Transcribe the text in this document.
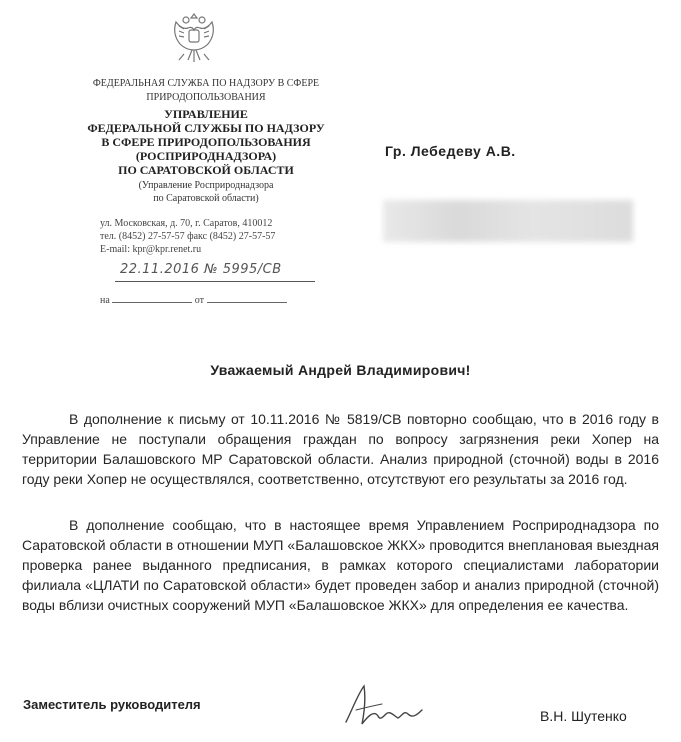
ФЕДЕРАЛЬНАЯ СЛУЖБА ПО НАДЗОРУ В СФЕРЕ
ПРИРОДОПОЛЬЗОВАНИЯ
УПРАВЛЕНИЕ
ФЕДЕРАЛЬНОЙ СЛУЖБЫ ПО НАДЗОРУ
В СФЕРЕ ПРИРОДОПОЛЬЗОВАНИЯ
(РОСПРИРОДНАДЗОРА)
ПО САРАТОВСКОЙ ОБЛАСТИ
(Управление Росприроднадзора
по Саратовской области)
ул. Московская, д. 70, г. Саратов, 410012
тел. (8452) 27-57-57 факс (8452) 27-57-57
E-mail: kpr@kpr.renet.ru
22.11.2016 № 5995/СВ
на	от
Гр. Лебедеву А.В.
Уважаемый Андрей Владимирович!

В дополнение к письму от 10.11.2016 № 5819/СВ повторно сообщаю, что в 2016 году в Управление не поступали обращения граждан по вопросу загрязнения реки Хопер на территории Балашовского МР Саратовской области. Анализ природной (сточной) воды в 2016 году реки Хопер не осуществлялся, соответственно, отсутствуют его результаты за 2016 год.

В дополнение сообщаю, что в настоящее время Управлением Росприроднадзора по Саратовской области в отношении МУП «Балашовское ЖКХ» проводится внеплановая выездная проверка ранее выданного предписания, в рамках которого специалистами лаборатории филиала «ЦЛАТИ по Саратовской области» будет проведен забор и анализ природной (сточной) воды вблизи очистных сооружений МУП «Балашовское ЖКХ» для определения ее качества.

Заместитель руководителя
В.Н. Шутенко
